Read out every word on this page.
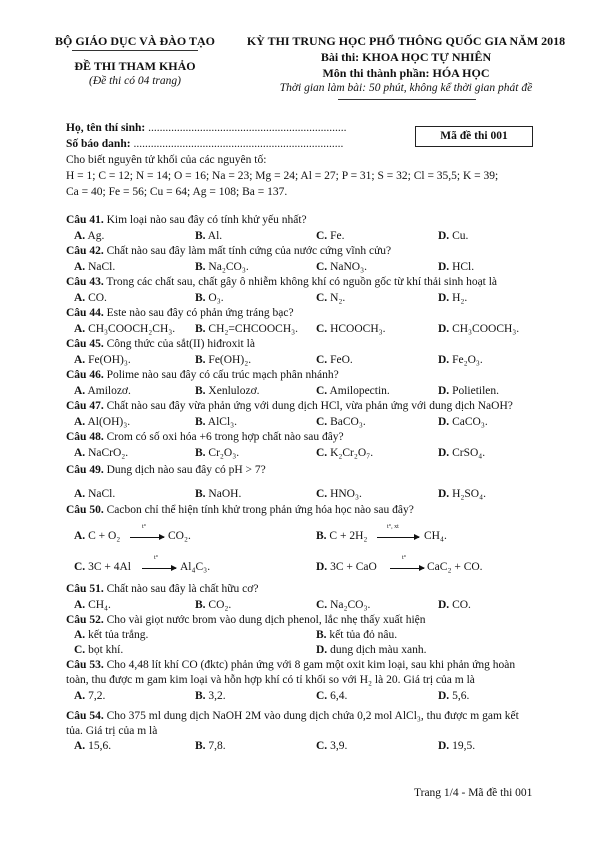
BỘ GIÁO DỤC VÀ ĐÀO TẠO
ĐỀ THI THAM KHẢO
(Đề thi có 04 trang)
KỲ THI TRUNG HỌC PHỔ THÔNG QUỐC GIA NĂM 2018
Bài thi: KHOA HỌC TỰ NHIÊN
Môn thi thành phần: HÓA HỌC
Thời gian làm bài: 50 phút, không kể thời gian phát đề
Họ, tên thí sinh: .....................................................................
Số báo danh: .........................................................................
Mã đề thi 001
Cho biết nguyên tử khối của các nguyên tố:
H = 1; C = 12; N = 14; O = 16; Na = 23; Mg = 24; Al = 27; P = 31; S = 32; Cl = 35,5; K = 39;
Ca = 40; Fe = 56; Cu = 64; Ag = 108; Ba = 137.
Câu 41. Kim loại nào sau đây có tính khử yếu nhất?
A. Ag.	B. Al.	C. Fe.	D. Cu.
Câu 42. Chất nào sau đây làm mất tính cứng của nước cứng vĩnh cửu?
A. NaCl.	B. Na₂CO₃.	C. NaNO₃.	D. HCl.
Câu 43. Trong các chất sau, chất gây ô nhiễm không khí có nguồn gốc từ khí thải sinh hoạt là
A. CO.	B. O₃.	C. N₂.	D. H₂.
Câu 44. Este nào sau đây có phản ứng tráng bạc?
A. CH₃COOCH₂CH₃. B. CH₂=CHCOOCH₃. C. HCOOCH₃.	D. CH₃COOCH₃.
Câu 45. Công thức của sắt(II) hiđroxit là
A. Fe(OH)₃.	B. Fe(OH)₂.	C. FeO.	D. Fe₂O₃.
Câu 46. Polime nào sau đây có cấu trúc mạch phân nhánh?
A. Amilozơ.	B. Xenlulozơ.	C. Amilopectin.	D. Polietilen.
Câu 47. Chất nào sau đây vừa phản ứng với dung dịch HCl, vừa phản ứng với dung dịch NaOH?
A. Al(OH)₃.	B. AlCl₃.	C. BaCO₃.	D. CaCO₃.
Câu 48. Crom có số oxi hóa +6 trong hợp chất nào sau đây?
A. NaCrO₂.	B. Cr₂O₃.	C. K₂Cr₂O₇.	D. CrSO₄.
Câu 49. Dung dịch nào sau đây có pH > 7?
A. NaCl.	B. NaOH.	C. HNO₃.	D. H₂SO₄.
Câu 50. Cacbon chỉ thể hiện tính khử trong phản ứng hóa học nào sau đây?
A. C + O₂
t°
→ CO₂.	B. C + 2H₂
t°, xt
→ CH₄.
C. 3C + 4Al
t°
→ Al₄C₃.	D. 3C + CaO
t°
→ CaC₂ + CO.
Câu 51. Chất nào sau đây là chất hữu cơ?
A. CH₄.	B. CO₂.	C. Na₂CO₃.	D. CO.
Câu 52. Cho vài giọt nước brom vào dung dịch phenol, lắc nhẹ thấy xuất hiện
A. kết tủa trắng.	B. kết tủa đỏ nâu.
C. bọt khí.	D. dung dịch màu xanh.
Câu 53. Cho 4,48 lít khí CO (đktc) phản ứng với 8 gam một oxit kim loại, sau khi phản ứng hoàn
toàn, thu được m gam kim loại và hỗn hợp khí có tỉ khối so với H₂ là 20. Giá trị của m là
A. 7,2.	B. 3,2.	C. 6,4.	D. 5,6.
Câu 54. Cho 375 ml dung dịch NaOH 2M vào dung dịch chứa 0,2 mol AlCl₃, thu được m gam kết
tủa. Giá trị của m là
A. 15,6.	B. 7,8.	C. 3,9.	D. 19,5.
Trang 1/4 - Mã đề thi 001
